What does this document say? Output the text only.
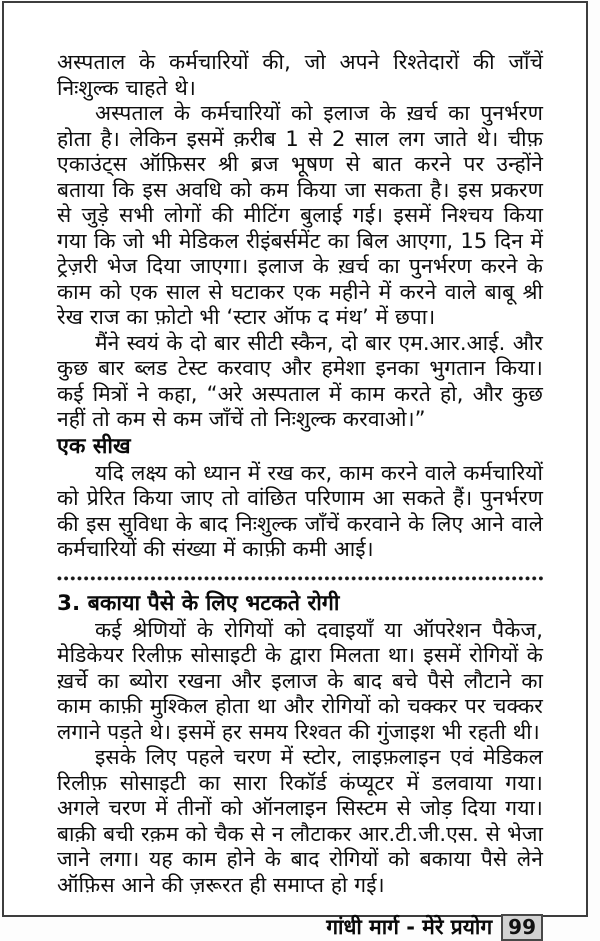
अस्पताल के कर्मचारियों की, जो अपने रिश्तेदारों की जाँचें निःशुल्क चाहते थे।

अस्पताल के कर्मचारियों को इलाज के ख़र्च का पुनर्भरण होता है। लेकिन इसमें क़रीब 1 से 2 साल लग जाते थे। चीफ़ एकाउंट्स ऑफ़िसर श्री ब्रज भूषण से बात करने पर उन्होंने बताया कि इस अवधि को कम किया जा सकता है। इस प्रकरण से जुड़े सभी लोगों की मीटिंग बुलाई गई। इसमें निश्चय किया गया कि जो भी मेडिकल रीइंबर्समेंट का बिल आएगा, 15 दिन में ट्रेज़री भेज दिया जाएगा। इलाज के ख़र्च का पुनर्भरण करने के काम को एक साल से घटाकर एक महीने में करने वाले बाबू श्री रेख राज का फ़ोटो भी ‘स्टार ऑफ द मंथ’ में छपा।

मैंने स्वयं के दो बार सीटी स्कैन, दो बार एम.आर.आई. और कुछ बार ब्लड टेस्ट करवाए और हमेशा इनका भुगतान किया। कई मित्रों ने कहा, “अरे अस्पताल में काम करते हो, और कुछ नहीं तो कम से कम जाँचें तो निःशुल्क करवाओ।”

एक सीख

यदि लक्ष्य को ध्यान में रख कर, काम करने वाले कर्मचारियों को प्रेरित किया जाए तो वांछित परिणाम आ सकते हैं। पुनर्भरण की इस सुविधा के बाद निःशुल्क जाँचें करवाने के लिए आने वाले कर्मचारियों की संख्या में काफ़ी कमी आई।

3. बकाया पैसे के लिए भटकते रोगी

कई श्रेणियों के रोगियों को दवाइयाँ या ऑपरेशन पैकेज, मेडिकेयर रिलीफ़ सोसाइटी के द्वारा मिलता था। इसमें रोगियों के ख़र्चे का ब्योरा रखना और इलाज के बाद बचे पैसे लौटाने का काम काफ़ी मुश्किल होता था और रोगियों को चक्कर पर चक्कर लगाने पड़ते थे। इसमें हर समय रिश्वत की गुंजाइश भी रहती थी।

इसके लिए पहले चरण में स्टोर, लाइफ़लाइन एवं मेडिकल रिलीफ़ सोसाइटी का सारा रिकॉर्ड कंप्यूटर में डलवाया गया। अगले चरण में तीनों को ऑनलाइन सिस्टम से जोड़ दिया गया। बाक़ी बची रक़म को चैक से न लौटाकर आर.टी.जी.एस. से भेजा जाने लगा। यह काम होने के बाद रोगियों को बकाया पैसे लेने ऑफ़िस आने की ज़रूरत ही समाप्त हो गई।

गांधी मार्ग - मेरे प्रयोग 99
